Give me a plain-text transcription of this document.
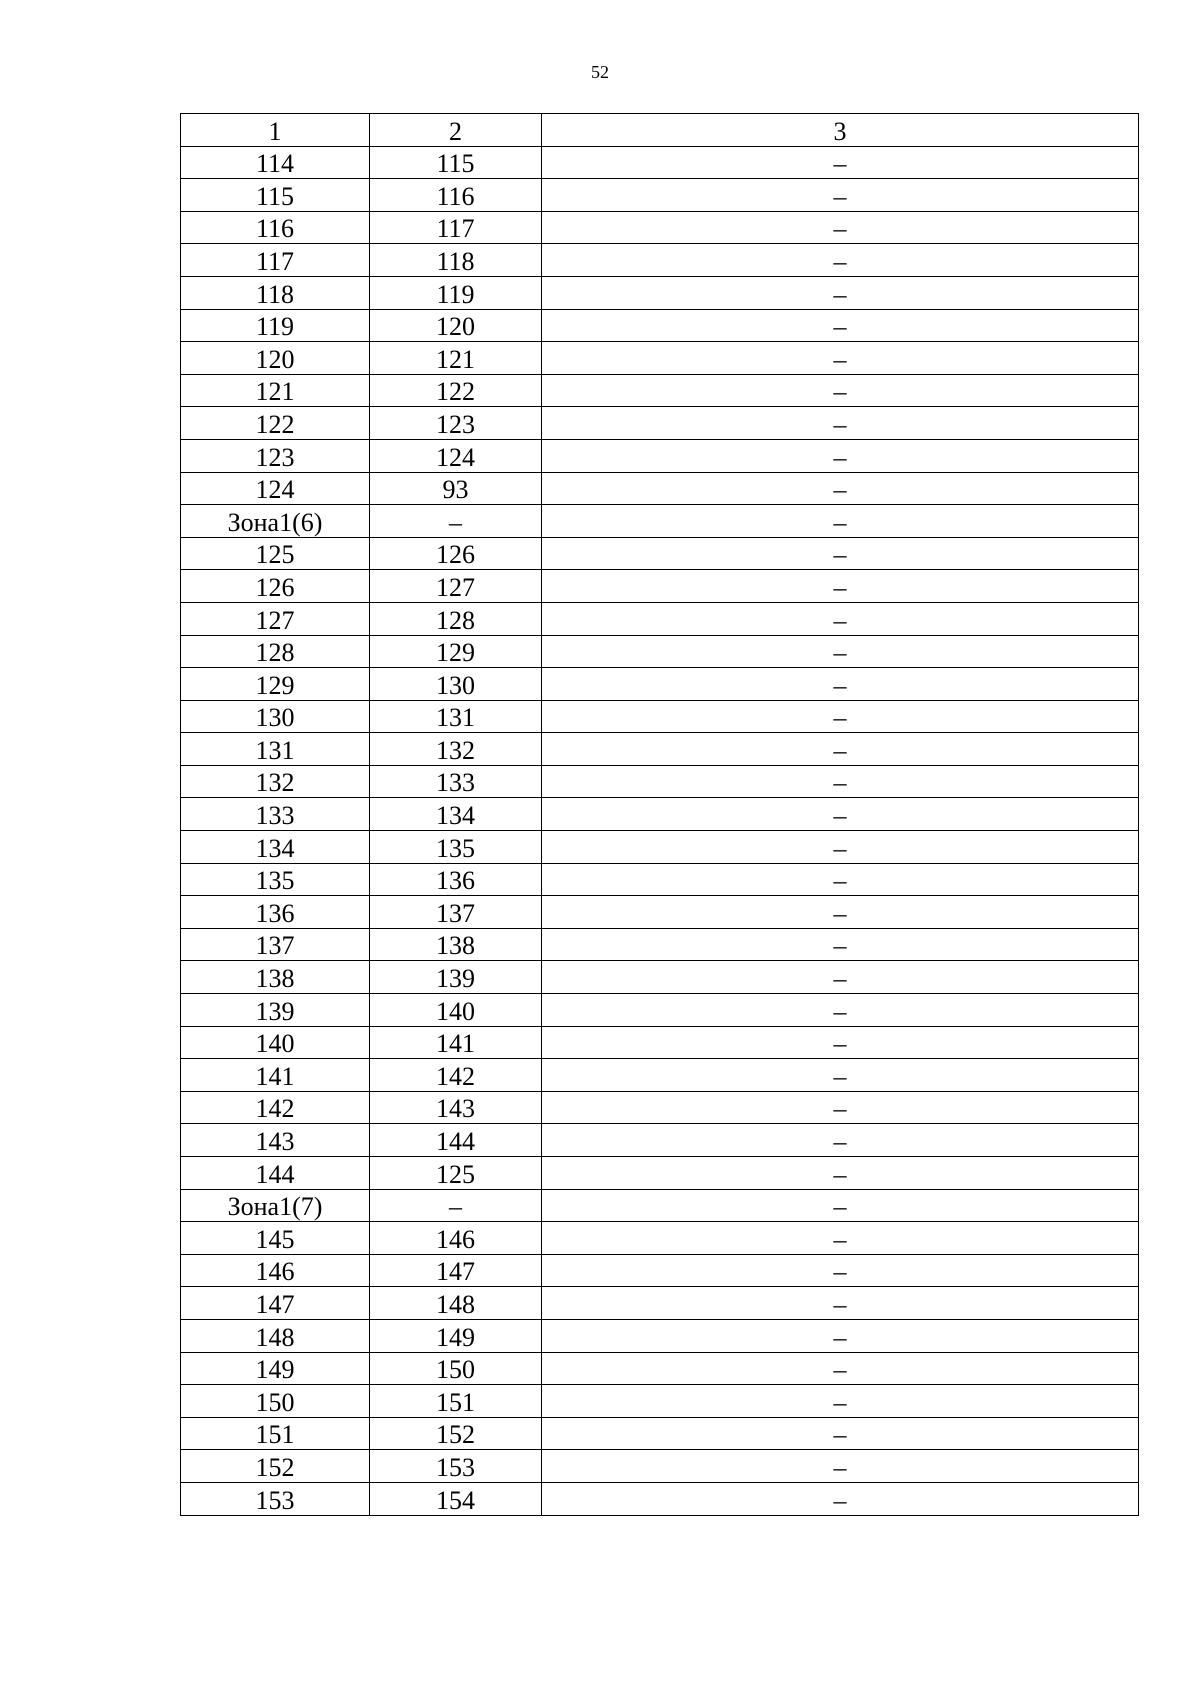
52
1	2	3
114	115	–
115	116	–
116	117	–
117	118	–
118	119	–
119	120	–
120	121	–
121	122	–
122	123	–
123	124	–
124	93	–
Зона1(6)	–	–
125	126	–
126	127	–
127	128	–
128	129	–
129	130	–
130	131	–
131	132	–
132	133	–
133	134	–
134	135	–
135	136	–
136	137	–
137	138	–
138	139	–
139	140	–
140	141	–
141	142	–
142	143	–
143	144	–
144	125	–
Зона1(7)	–	–
145	146	–
146	147	–
147	148	–
148	149	–
149	150	–
150	151	–
151	152	–
152	153	–
153	154	–
